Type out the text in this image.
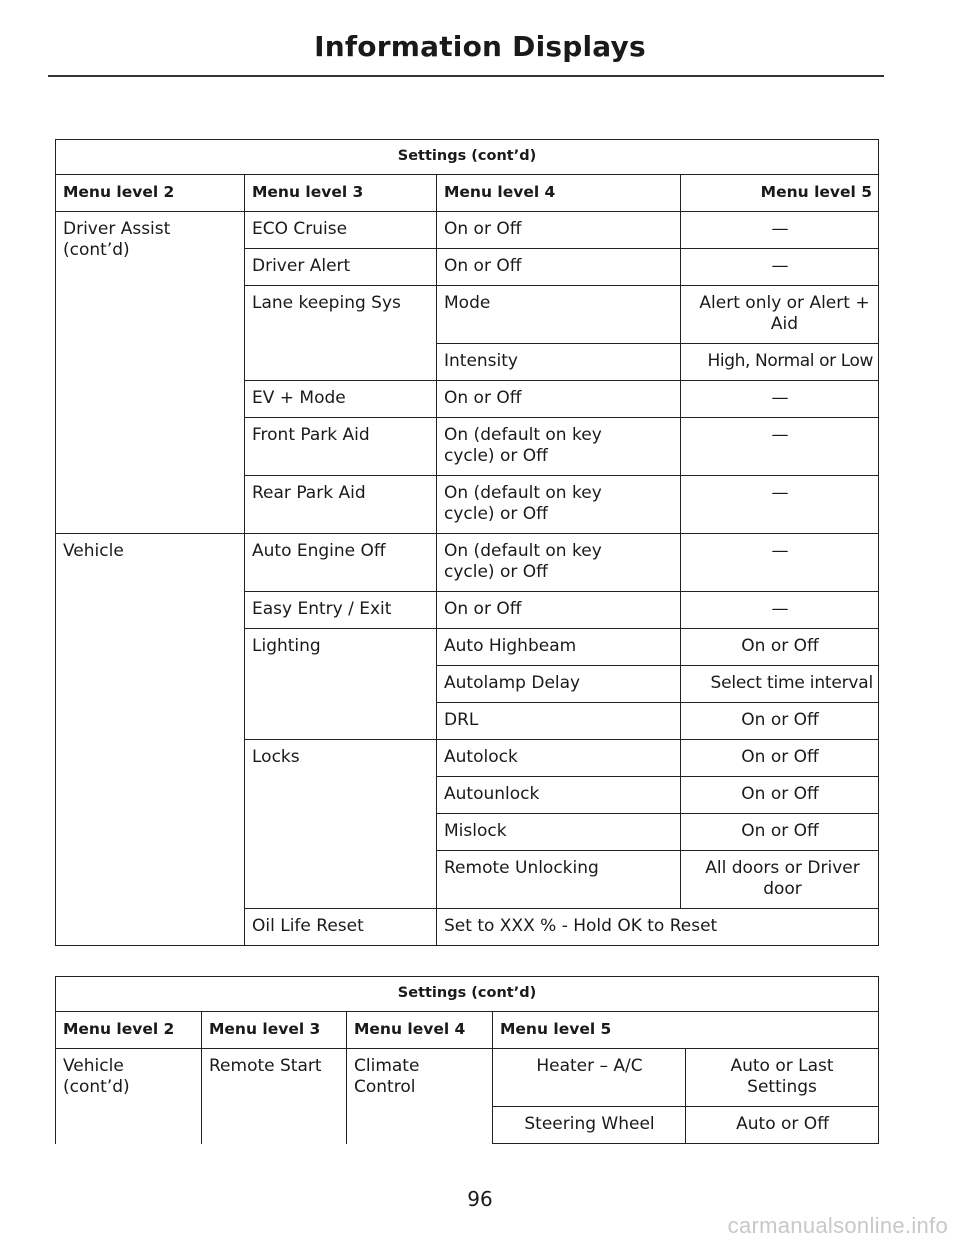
Information Displays
Settings (cont’d)			
Menu level 2	Menu level 3	Menu level 4	Menu level 5
Driver Assist (cont’d)	ECO Cruise	On or Off	—
	Driver Alert	On or Off	—
	Lane keeping Sys	Mode	Alert only or Alert + Aid
		Intensity	High, Normal or Low
	EV + Mode	On or Off	—
	Front Park Aid	On (default on key cycle) or Off	—
	Rear Park Aid	On (default on key cycle) or Off	—
Vehicle	Auto Engine Off	On (default on key cycle) or Off	—
	Easy Entry / Exit	On or Off	—
	Lighting	Auto Highbeam	On or Off
		Autolamp Delay	Select time interval
		DRL	On or Off
	Locks	Autolock	On or Off
		Autounlock	On or Off
		Mislock	On or Off
		Remote Unlocking	All doors or Driver door
	Oil Life Reset	Set to XXX % - Hold OK to Reset	
Settings (cont’d)				
Menu level 2	Menu level 3	Menu level 4	Menu level 5	
Vehicle (cont’d)	Remote Start	Climate Control	Heater – A/C	Auto or Last Settings
			Steering Wheel	Auto or Off
96
carmanualsonline.info
